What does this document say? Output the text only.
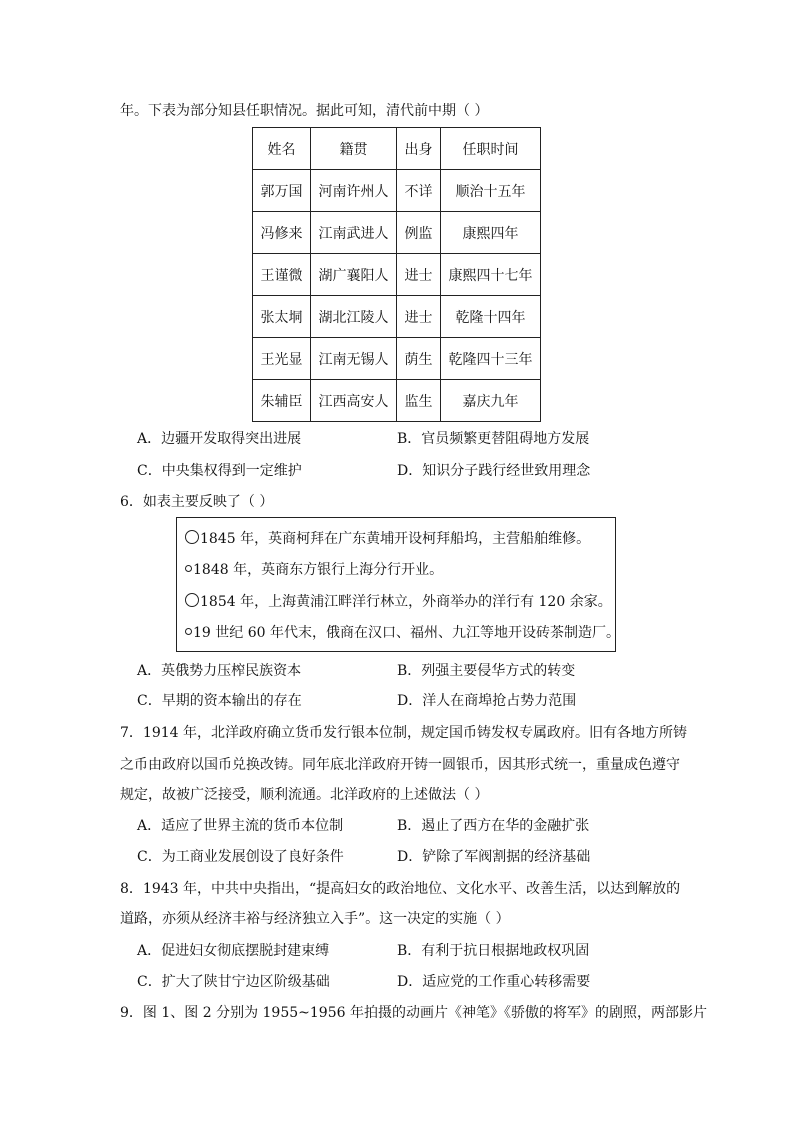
年。下表为部分知县任职情况。据此可知，清代前中期（ ）
姓名	籍贯	出身	任职时间
郭万国	河南许州人	不详	顺治十五年
冯修来	江南武进人	例监	康熙四年
王谨微	湖广襄阳人	进士	康熙四十七年
张太垌	湖北江陵人	进士	乾隆十四年
王光显	江南无锡人	荫生	乾隆四十三年
朱辅臣	江西高安人	监生	嘉庆九年
A．边疆开发取得突出进展	B．官员频繁更替阻碍地方发展
C．中央集权得到一定维护	D．知识分子践行经世致用理念
6．如表主要反映了（ ）
1845 年，英商柯拜在广东黄埔开设柯拜船坞，主营船舶维修。
1848 年，英商东方银行上海分行开业。
1854 年，上海黄浦江畔洋行林立，外商举办的洋行有 120 余家。
19 世纪 60 年代末，俄商在汉口、福州、九江等地开设砖茶制造厂。
A．英俄势力压榨民族资本	B．列强主要侵华方式的转变
C．早期的资本输出的存在	D．洋人在商埠抢占势力范围
7．1914 年，北洋政府确立货币发行银本位制，规定国币铸发权专属政府。旧有各地方所铸
之币由政府以国币兑换改铸。同年底北洋政府开铸一圆银币，因其形式统一，重量成色遵守
规定，故被广泛接受，顺利流通。北洋政府的上述做法（ ）
A．适应了世界主流的货币本位制	B．遏止了西方在华的金融扩张
C．为工商业发展创设了良好条件	D．铲除了军阀割据的经济基础
8．1943 年，中共中央指出，“提高妇女的政治地位、文化水平、改善生活，以达到解放的
道路，亦须从经济丰裕与经济独立入手”。这一决定的实施（ ）
A．促进妇女彻底摆脱封建束缚	B．有利于抗日根据地政权巩固
C．扩大了陕甘宁边区阶级基础	D．适应党的工作重心转移需要
9．图 1、图 2 分别为 1955~1956 年拍摄的动画片《神笔》《骄傲的将军》的剧照，两部影片
